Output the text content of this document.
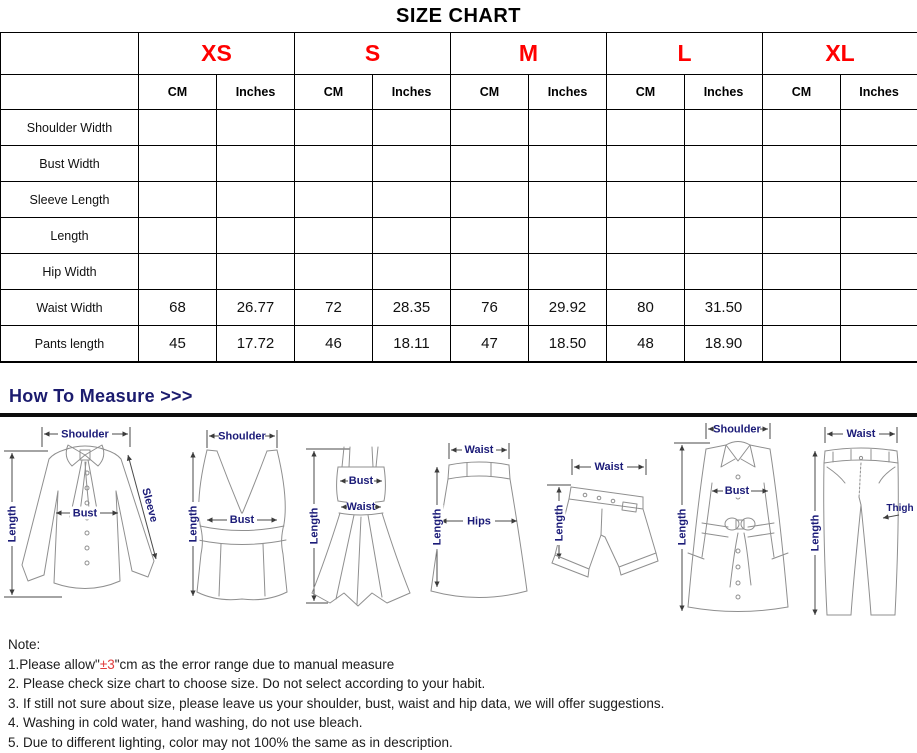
SIZE CHART
	XS		S		M		L		XL	
	CM	Inches	CM	Inches	CM	Inches	CM	Inches	CM	Inches
Shoulder Width										
Bust Width										
Sleeve Length										
Length										
Hip Width										
Waist Width	68	26.77	72	28.35	76	29.92	80	31.50		
Pants length	45	17.72	46	18.11	47	18.50	48	18.90		
How To Measure >>>
Shoulder
Bust
Length
Sleeve
Shoulder
Bust
Length
Bust
Waist
Length
Waist
Hips
Length
Waist
Length
Shoulder
Bust
Length
Waist
Thigh
Length
Note:
1.Please allow"±3"cm as the error range due to manual measure
2. Please check size chart to choose size. Do not select according to your habit.
3. If still not sure about size, please leave us your shoulder, bust, waist and hip data, we will offer suggestions.
4. Washing in cold water, hand washing, do not use bleach.
5. Due to different lighting, color may not 100% the same as in description.
